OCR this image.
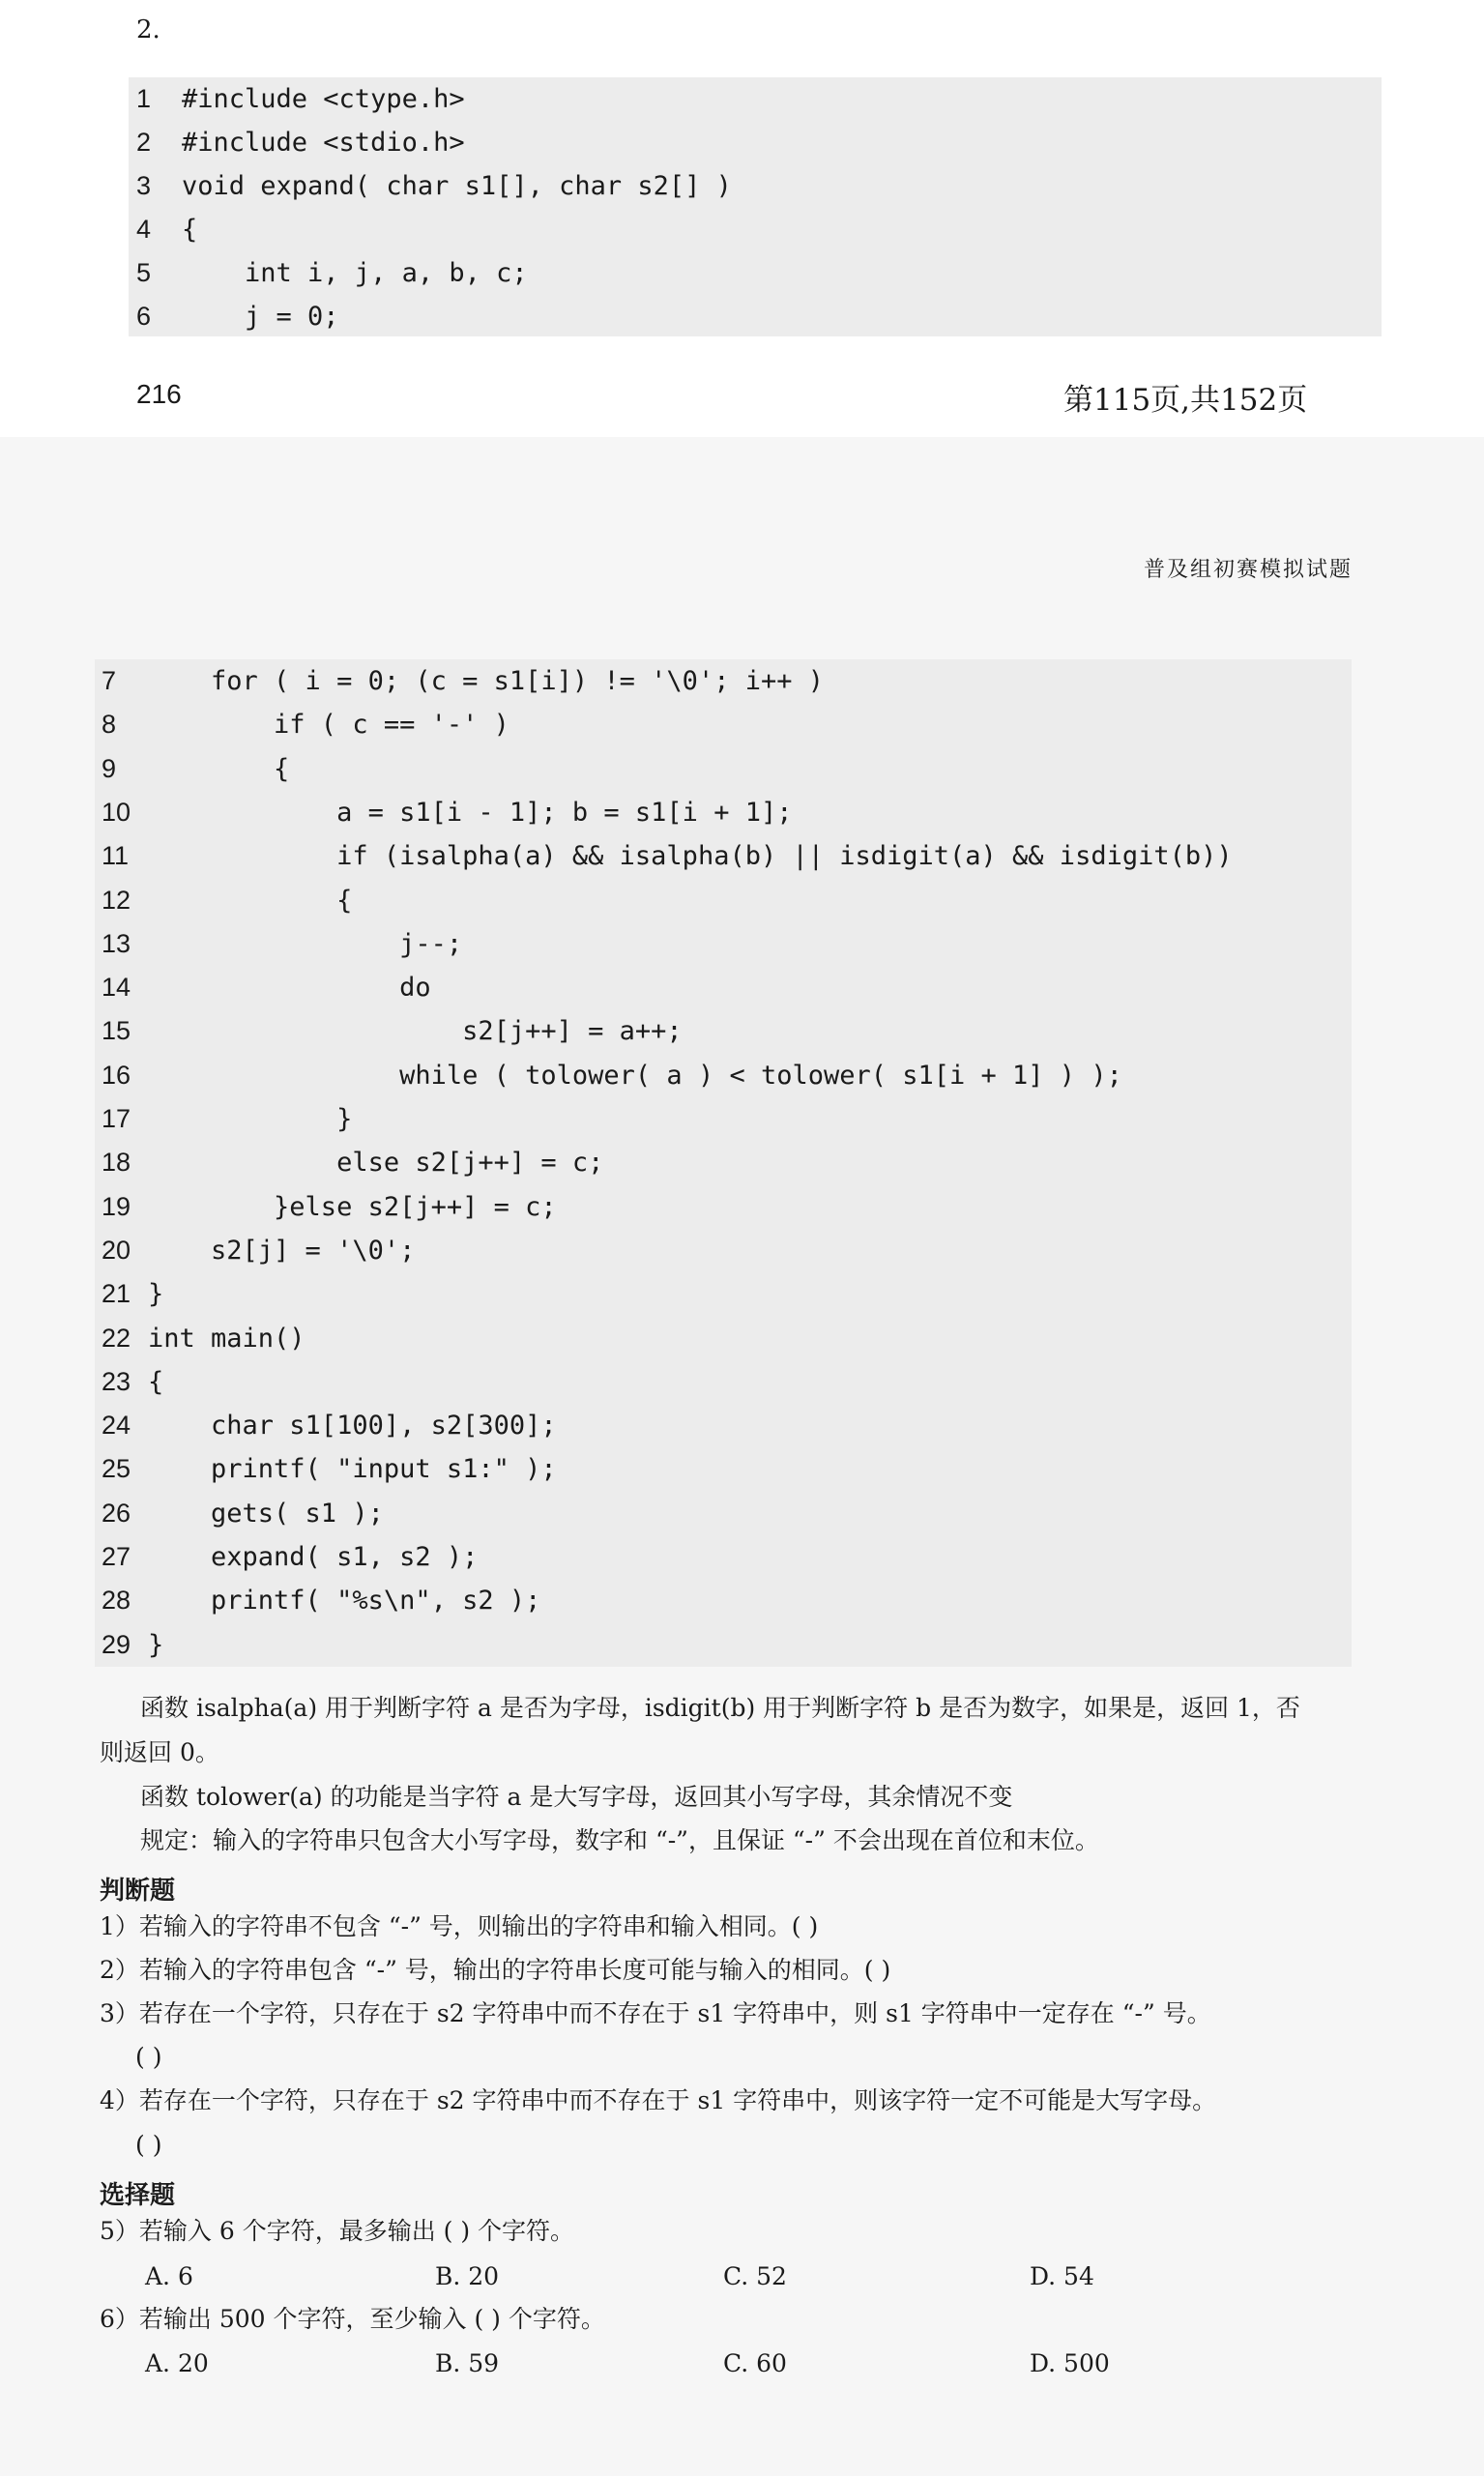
2.
1	#include <ctype.h>
2	#include <stdio.h>
3	void expand( char s1[], char s2[] )
4	{
5	int i, j, a, b, c;
6	j = 0;
216	第115页,共152页
普及组初赛模拟试题
7	for ( i = 0; (c = s1[i]) != '\0'; i++ )
8	if ( c == '-' )
9	{
10 a = s1[i - 1]; b = s1[i + 1];
11 if (isalpha(a) && isalpha(b) || isdigit(a) && isdigit(b))
12 {
13 j--;
14 do
15 s2[j++] = a++;
16 while ( tolower( a ) < tolower( s1[i + 1] ) );
17 }
18 else s2[j++] = c;
19 }else s2[j++] = c;
20 s2[j] = '\0';
21 }
22 int main()
23 {
24 char s1[100], s2[300];
25 printf( "input s1:" );
26 gets( s1 );
27 expand( s1, s2 );
28 printf( "%s\n", s2 );
29 }
函数 isalpha(a) 用于判断字符 a 是否为字母，isdigit(b) 用于判断字符 b 是否为数字，如果是，返回 1，否
则返回 0。
函数 tolower(a) 的功能是当字符 a 是大写字母，返回其小写字母，其余情况不变
规定：输入的字符串只包含大小写字母，数字和 “-”，且保证 “-” 不会出现在首位和末位。
判断题
1）若输入的字符串不包含 “-” 号，则输出的字符串和输入相同。( )
2）若输入的字符串包含 “-” 号，输出的字符串长度可能与输入的相同。( )
3）若存在一个字符，只存在于 s2 字符串中而不存在于 s1 字符串中，则 s1 字符串中一定存在 “-” 号。
( )
4）若存在一个字符，只存在于 s2 字符串中而不存在于 s1 字符串中，则该字符一定不可能是大写字母。
( )
选择题
5）若输入 6 个字符，最多输出 ( ) 个字符。
A. 6	B. 20	C. 52	D. 54
6）若输出 500 个字符，至少输入 ( ) 个字符。
A. 20	B. 59	C. 60	D. 500
